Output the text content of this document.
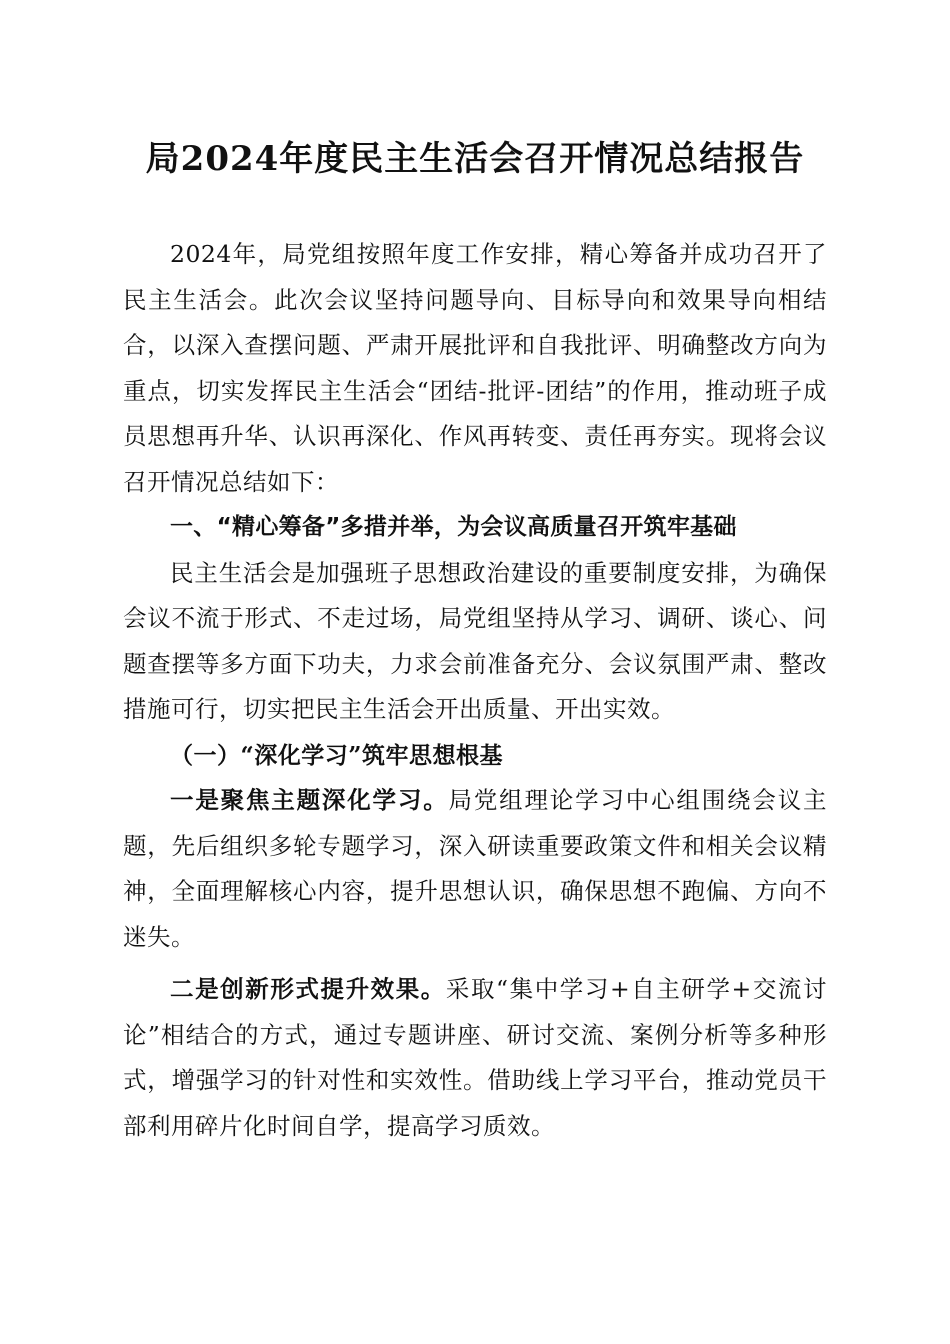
局2024年度民主生活会召开情况总结报告

2024年，局党组按照年度工作安排，精心筹备并成功召开了民主生活会。此次会议坚持问题导向、目标导向和效果导向相结合，以深入查摆问题、严肃开展批评和自我批评、明确整改方向为重点，切实发挥民主生活会“团结-批评-团结”的作用，推动班子成员思想再升华、认识再深化、作风再转变、责任再夯实。现将会议召开情况总结如下：

一、“精心筹备”多措并举，为会议高质量召开筑牢基础

民主生活会是加强班子思想政治建设的重要制度安排，为确保会议不流于形式、不走过场，局党组坚持从学习、调研、谈心、问题查摆等多方面下功夫，力求会前准备充分、会议氛围严肃、整改措施可行，切实把民主生活会开出质量、开出实效。

（一）“深化学习”筑牢思想根基

一是聚焦主题深化学习。局党组理论学习中心组围绕会议主题，先后组织多轮专题学习，深入研读重要政策文件和相关会议精神，全面理解核心内容，提升思想认识，确保思想不跑偏、方向不迷失。

二是创新形式提升效果。采取“集中学习+自主研学+交流讨论”相结合的方式，通过专题讲座、研讨交流、案例分析等多种形式，增强学习的针对性和实效性。借助线上学习平台，推动党员干部利用碎片化时间自学，提高学习质效。
